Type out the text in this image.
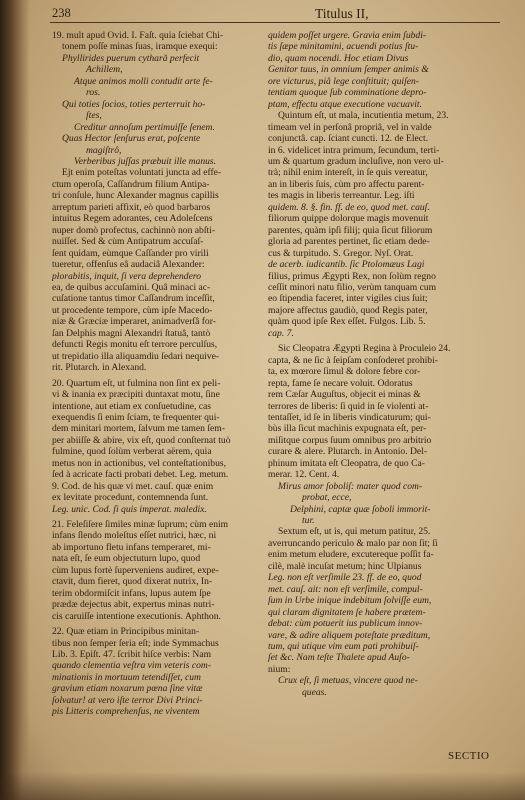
238	Titulus II,
19. mult apud Ovid. I. Faſt. quia ſciebat Chi-
tonem poſſe minas ſuas, iramque exequi:
Phyllirides puerum cythară perfecit
Achillem,
Atque animos molli contudit arte fe-
ros.
Qui toties ſocios, toties perterruit ho-
ſtes,
Creditur annoſum pertimuiſſe ſenem.
Quas Hector ſenſurus erat, poſcente
magiſtrô,
Verberibus juſſas præbuit ille manus.
Ejt enim poteſtas voluntati juncta ad effe-
ctum operoſa, Caſſandrum filium Antipa-
tri conſule, hunc Alexander magnus capillis
arreptum parieti affixit, eò quod barbaros
intuitus Regem adorantes, ceu Adoleſcens
nuper domò profectus, cachinnò non abſti-
nuiſſet. Sed & cùm Antipatrum accuſaſ-
ſent quidam, eùmque Caſſander pro virili
tueretur, offenſus eâ audaciâ Alexander:
plorabitis, inquit, ſi vera deprehendero
ea, de quibus accuſamini. Quâ minaci ac-
cuſatione tantus timor Caſſandrum inceſſit,
ut procedente tempore, cùm ipſe Macedo-
niæ & Græciæ imperaret, animadverſâ for-
ſan Delphis magni Alexandri ſtatuâ, tantò
defuncti Regis monitu eſt terrore perculſus,
ut trepidatio illa aliquamdiu ſedari nequive-
rit. Plutarch. in Alexand.
20. Quartum eſt, ut fulmina non ſint ex peli-
vi & inania ex præcipiti duntaxat motu, ſine
intentione, aut etiam ex conſuetudine, cas
exequendis ſi enim ſciam, te frequenter qui-
dem minitari mortem, ſalvum me tamen ſem-
per abiiſſe & abire, vix eſt, quod conſternat tuò
fulmine, quod ſolùm verberat aërem, quia
metus non in actionibus, vel conteſtationibus,
ſed à acricate facti probati debet. Leg. metum.
9. Cod. de his quæ vi met. cauſ. quæ enim
ex levitate procedunt, contemnenda ſunt.
Leg. unic. Cod. ſi quis imperat. maledix.
21. Feleſiſere ſimiles minæ ſuprum; cùm enim
infans ſlendo moleſtus eſſet nutrici, hæc, ni
ab importuno fletu infans temperaret, mi-
nata eſt, ſe eum objectuturn lupo, quod
cùm lupus fortè ſuperveniens audiret, expe-
ctavit, dum fieret, quod dixerat nutrix, In-
terim obdormiſcit infans, lupus autem ſpe
prædæ dejectus abit, expertus minas nutri-
cis caruiſſe intentione executionis. Aphthon.
22. Quæ etiam in Principibus minitan-
tibus non ſemper ſeria eſt; inde Symmachus
Lib. 3. Epiſt. 47. ſcribit hiſce verbis: Nam
quando clementia veſtra vim veteris com-
minationis in mortuum tetendiſſet, cum
gravium etiam noxarum pœna ſine vitæ
ſolvatur! at vero iſte terror Divi Princi-
pis Litteris comprehenſus, ne viventem
quidem poſſet urgere. Gravia enim ſubdi-
tis ſæpe minitamini, acuendi potius ſtu-
dio, quam nocendi. Hoc etiam Divus
Genitor tuus, in omnium ſemper animis &
ore victurus, piâ lege conſtituit; quiſen-
tentiam quoque ſub comminatione depro-
ptam, effectu atque executione vacuavit.
Quintum eſt, ut mala, incutientia metum, 23.
timeam vel in perſonâ propriâ, vel in valde
conjunctâ. cap. ſciant cuncti. 12. de Elect.
in 6. videlicet intra primum, ſecundum, terti-
um & quartum gradum incluſive, non vero ul-
trà; nihil enim intereſt, in ſe quis vereatur,
an in liberis ſuis, cùm pro affectu parent-
tes magis in liberis terreantur. Leg. iſti
quidem. 8. §. fin. ff. de eo, quod met. cauſ.
filiorum quippe dolorque magis movenuit
parentes, quàm ipſi filij; quia ſicut filiorum
gloria ad parentes pertinet, ſic etiam dede-
cus & turpitudo. S. Gregor. Nyſ. Orat.
de acerb. iudicantib. ſic Ptolomæus Lagi
filius, primus Ægypti Rex, non ſolùm regno
ceſſit minori natu filio, verùm tanquam cum
eo ſtipendia faceret, inter vigiles cius ſuit;
majore affectus gaudiò, quod Regis pater,
quàm quod ipſe Rex eſſet. Fulgos. Lib. 5.
cap. 7.
Sic Cleopatra Ægypti Regina à Proculeio 24.
capta, & ne ſic à ſeipſam conſoderet prohibi-
ta, ex mœrore ſimul & dolore febre cor-
repta, fame ſe necare voluit. Odoratus
rem Cæſar Auguſtus, objecit ei minas &
terrores de liberis: ſi quid in ſe violenti at-
tentaſſet, id ſe in liberis vindicaturum; qui-
bùs illa ſicut machinis expugnata eſt, per-
miſitque corpus ſuum omnibus pro arbitrio
curare & alere. Plutarch. in Antonio. Del-
phinum imitata eſt Cleopatra, de quo Ca-
merar. 12. Cent. 4.
Mirus amor ſoboliſ: mater quod com-
probat, ecce,
Delphini, captæ quæ ſoboli immorit-
tur.
Sextum eſt, ut is, qui metum patitur, 25.
averruncando periculo & malo par non ſit; ſi
enim metum eludere, excutereque poſſit fa-
cilè, malè incuſat metum; hinc Ulpianus
Leg. non eſt verſimile 23. ff. de eo, quod
met. cauſ. ait: non eſt verſimile, compul-
ſum in Urbe inique indebitum ſolviſſe eum,
qui claram dignitatem ſe habere prætem-
debat: cùm potuerit ius publicum innov-
vare, & adire aliquem poteſtate præditum,
tum, qui utique vim eum pati prohibuiſ-
ſet &c. Nam teſte Thalete apud Auſo-
nium:
Crux eſt, ſi metuas, vincere quod ne-
queas.
SECTIO
